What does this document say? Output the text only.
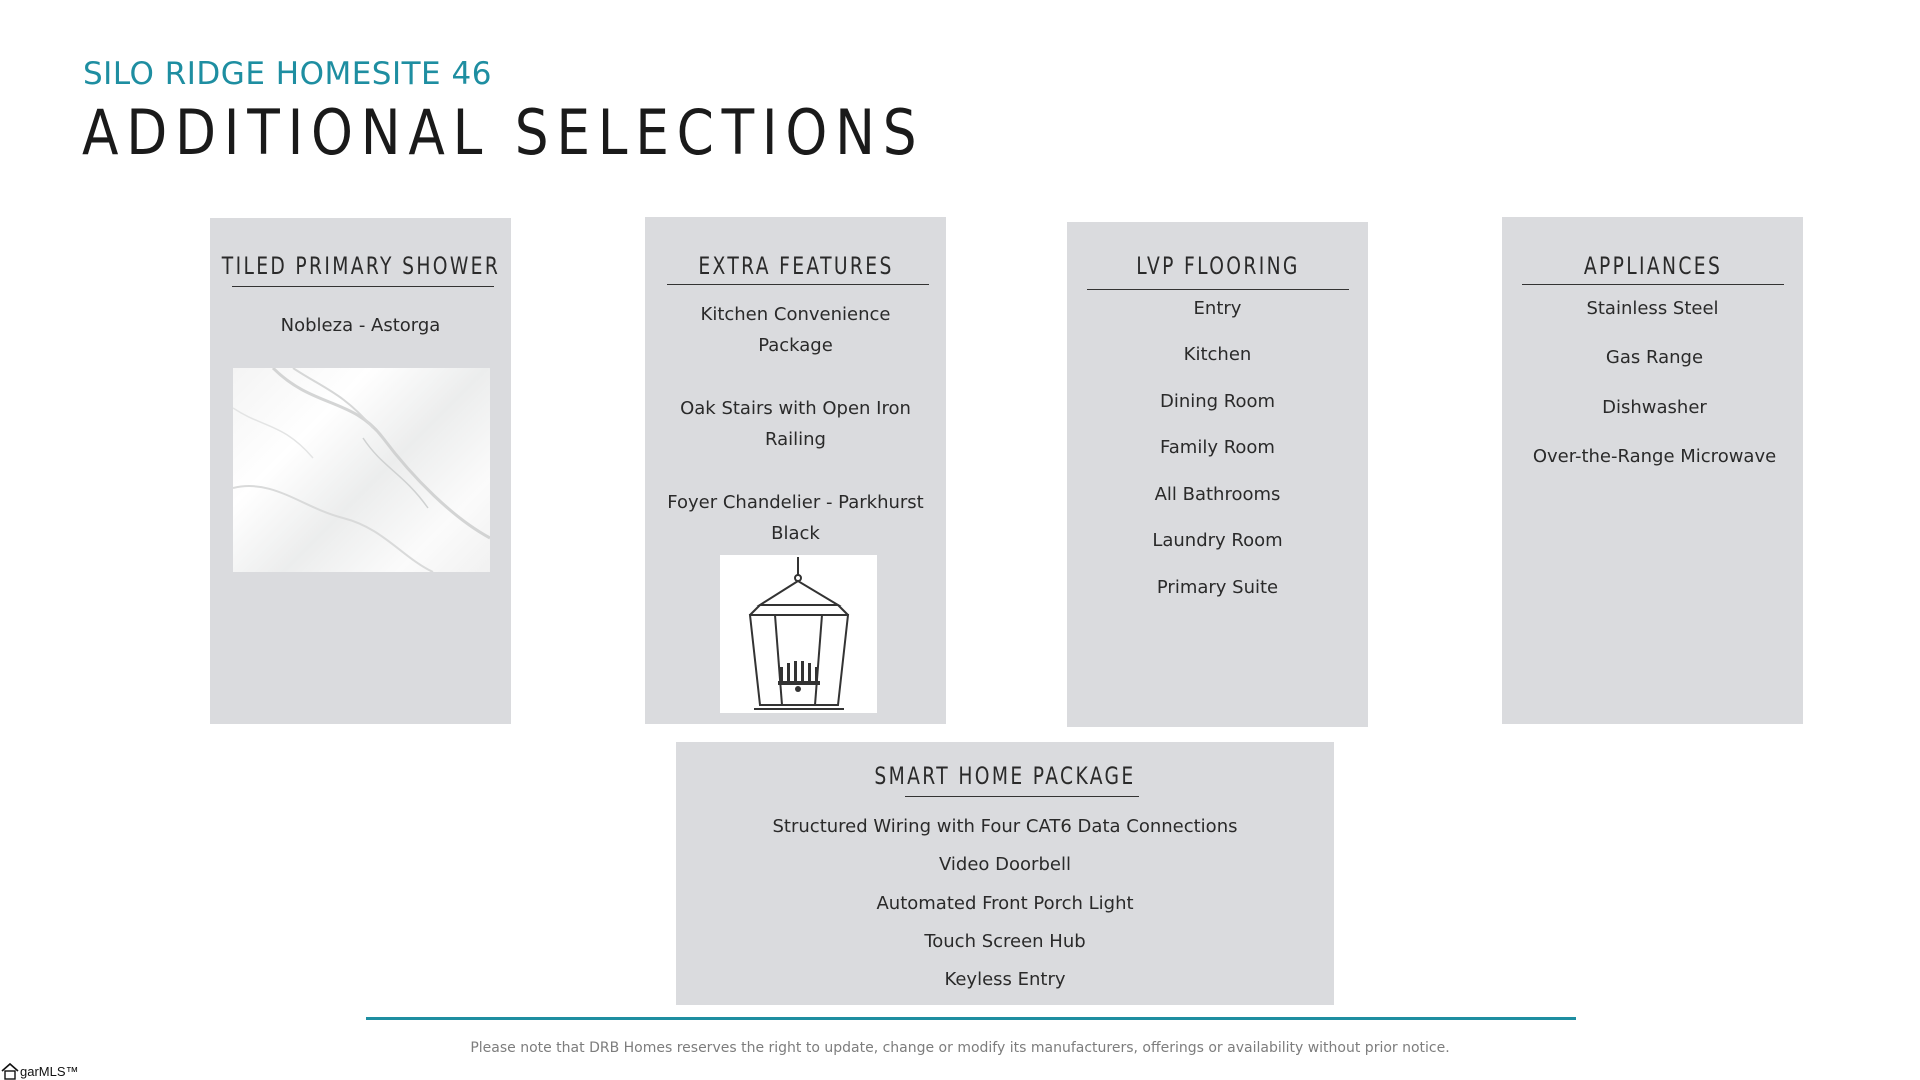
SILO RIDGE HOMESITE 46
ADDITIONAL SELECTIONS
TILED PRIMARY SHOWER
Nobleza - Astorga
EXTRA FEATURES
Kitchen Convenience
Package
Oak Stairs with Open Iron
Railing
Foyer Chandelier - Parkhurst
Black
LVP FLOORING
Entry
Kitchen
Dining Room
Family Room
All Bathrooms
Laundry Room
Primary Suite
APPLIANCES
Stainless Steel
Gas Range
Dishwasher
Over-the-Range Microwave
SMART HOME PACKAGE
Structured Wiring with Four CAT6 Data Connections
Video Doorbell
Automated Front Porch Light
Touch Screen Hub
Keyless Entry
Please note that DRB Homes reserves the right to update, change or modify its manufacturers, offerings or availability without prior notice.
garMLS™
